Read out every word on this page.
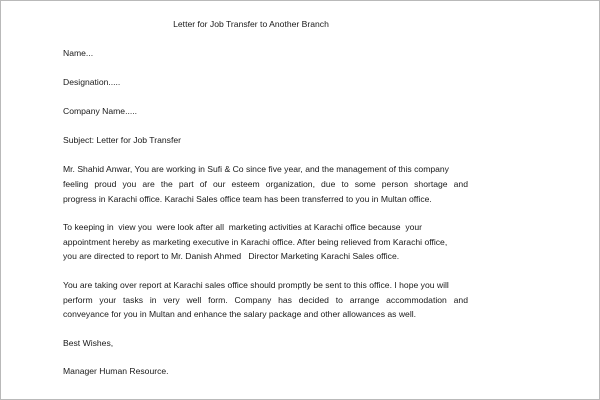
Letter for Job Transfer to Another Branch
Name...
Designation.....
Company Name.....
Subject: Letter for Job Transfer
Mr. Shahid Anwar, You are working in Sufi & Co since five year, and the management of this company
feeling proud you are the part of our esteem organization, due to some person shortage and
progress in Karachi office. Karachi Sales office team has been transferred to you in Multan office.
To keeping in  view you  were look after all  marketing activities at Karachi office because  your
appointment hereby as marketing executive in Karachi office. After being relieved from Karachi office,
you are directed to report to Mr. Danish Ahmed   Director Marketing Karachi Sales office.
You are taking over report at Karachi sales office should promptly be sent to this office. I hope you will
perform your tasks in very well form. Company has decided to arrange accommodation and
conveyance for you in Multan and enhance the salary package and other allowances as well.
Best Wishes,
Manager Human Resource.
